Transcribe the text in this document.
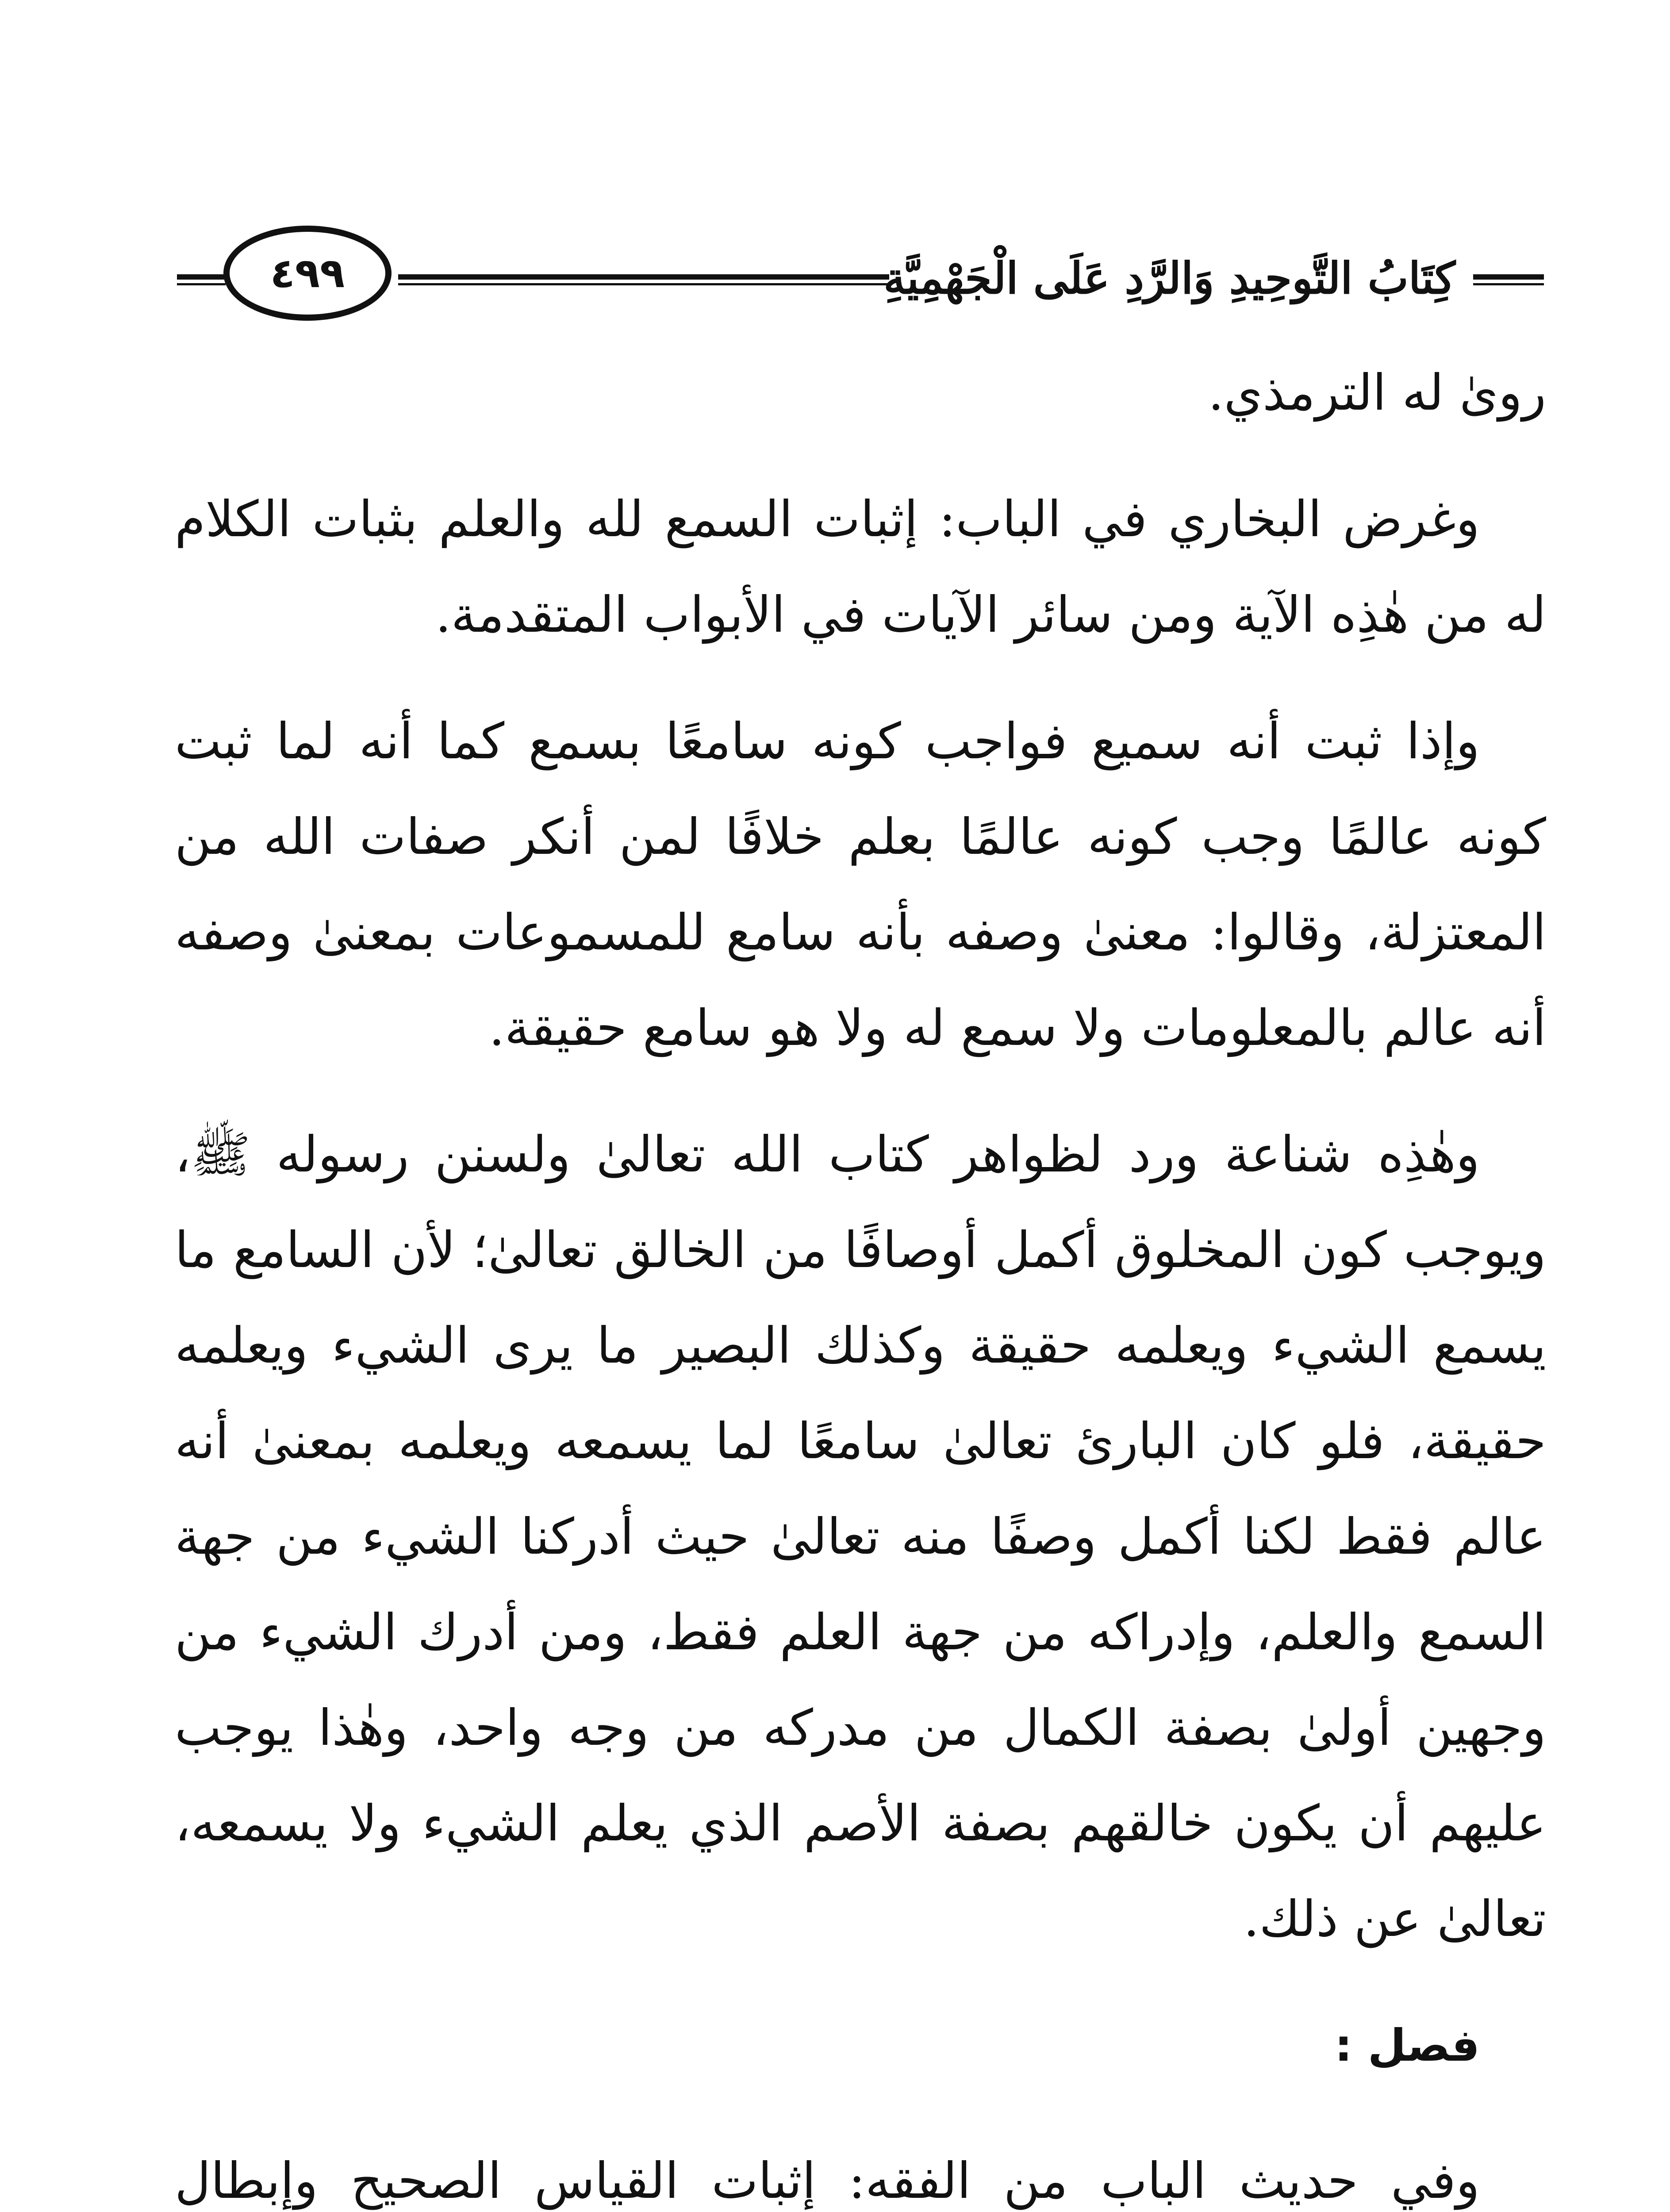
كِتَابُ التَّوحِيدِ وَالرَّدِ عَلَى الْجَهْمِيَّةِ
٤٩٩

رویٰ له الترمذي.

وغرض البخاري في الباب: إثبات السمع لله والعلم بثبات الكلام له من هٰذِه الآية ومن سائر الآيات في الأبواب المتقدمة.

وإذا ثبت أنه سميع فواجب كونه سامعًا بسمع كما أنه لما ثبت كونه عالمًا وجب كونه عالمًا بعلم خلافًا لمن أنكر صفات الله من المعتزلة، وقالوا: معنیٰ وصفه بأنه سامع للمسموعات بمعنیٰ وصفه أنه عالم بالمعلومات ولا سمع له ولا هو سامع حقيقة.

وهٰذِه شناعة ورد لظواهر كتاب الله تعالیٰ ولسنن رسوله ﷺ، ويوجب كون المخلوق أكمل أوصافًا من الخالق تعالیٰ؛ لأن السامع ما يسمع الشيء ويعلمه حقيقة وكذلك البصير ما يرى الشيء ويعلمه حقيقة، فلو كان البارئ تعالیٰ سامعًا لما يسمعه ويعلمه بمعنیٰ أنه عالم فقط لكنا أكمل وصفًا منه تعالیٰ حيث أدركنا الشيء من جهة السمع والعلم، وإدراكه من جهة العلم فقط، ومن أدرك الشيء من وجهين أولیٰ بصفة الكمال من مدركه من وجه واحد، وهٰذا يوجب عليهم أن يكون خالقهم بصفة الأصم الذي يعلم الشيء ولا يسمعه، تعالیٰ عن ذلك.

فصل :

وفي حديث الباب من الفقه: إثبات القياس الصحيح وإبطال
